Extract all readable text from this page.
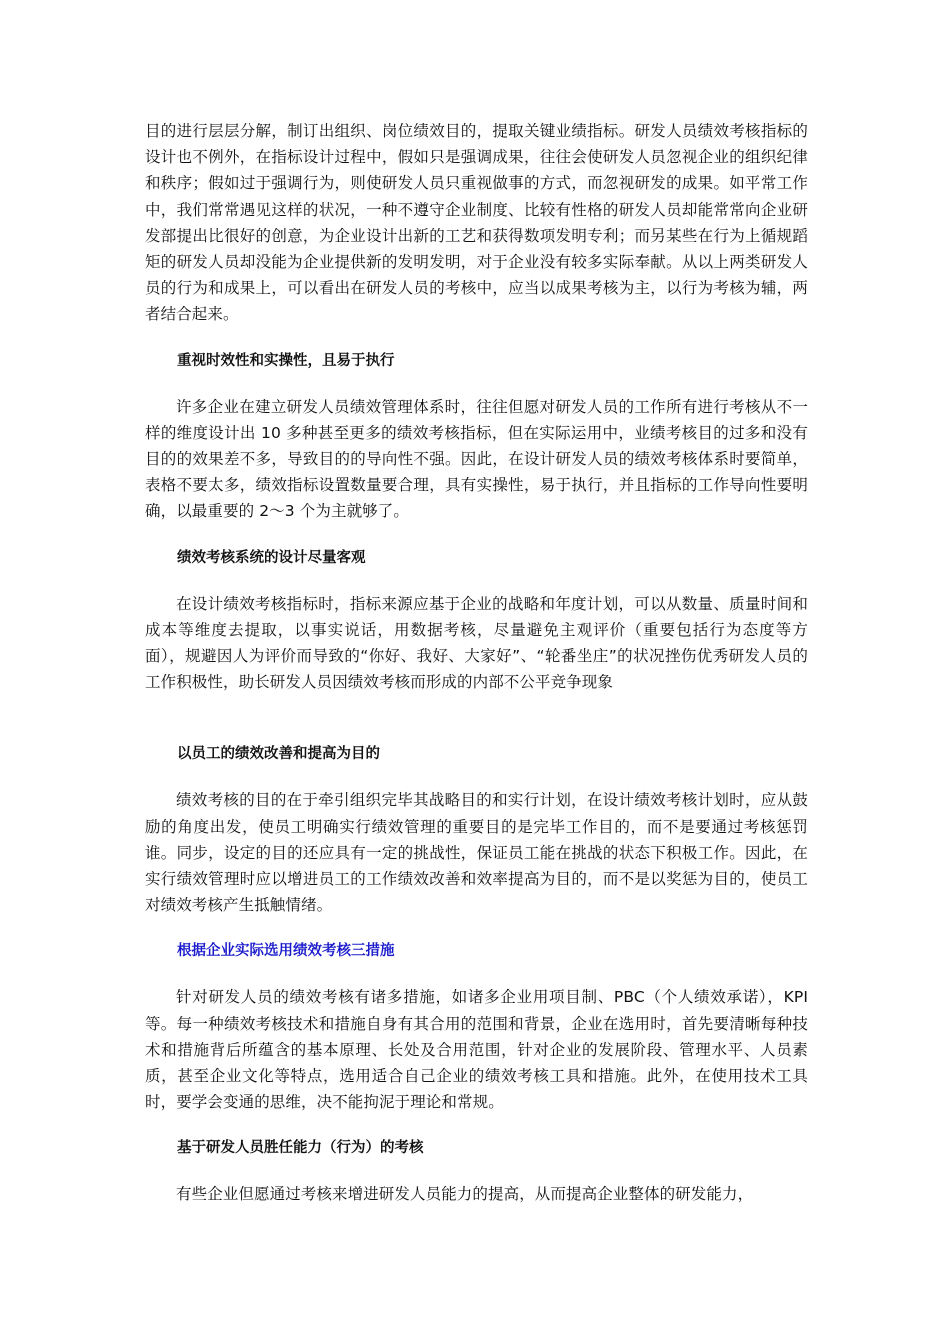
目的进行层层分解，制订出组织、岗位绩效目的，提取关键业绩指标。研发人员绩效考核指标的设计也不例外，在指标设计过程中，假如只是强调成果，往往会使研发人员忽视企业的组织纪律和秩序；假如过于强调行为，则使研发人员只重视做事的方式，而忽视研发的成果。如平常工作中，我们常常遇见这样的状况，一种不遵守企业制度、比较有性格的研发人员却能常常向企业研发部提出比很好的创意，为企业设计出新的工艺和获得数项发明专利；而另某些在行为上循规蹈矩的研发人员却没能为企业提供新的发明发明，对于企业没有较多实际奉献。从以上两类研发人员的行为和成果上，可以看出在研发人员的考核中，应当以成果考核为主，以行为考核为辅，两者结合起来。

重视时效性和实操性，且易于执行

许多企业在建立研发人员绩效管理体系时，往往但愿对研发人员的工作所有进行考核从不一样的维度设计出 10 多种甚至更多的绩效考核指标，但在实际运用中，业绩考核目的过多和没有目的的效果差不多，导致目的的导向性不强。因此，在设计研发人员的绩效考核体系时要简单，表格不要太多，绩效指标设置数量要合理，具有实操性，易于执行，并且指标的工作导向性要明确，以最重要的 2～3 个为主就够了。

绩效考核系统的设计尽量客观

在设计绩效考核指标时，指标来源应基于企业的战略和年度计划，可以从数量、质量时间和成本等维度去提取，以事实说话，用数据考核，尽量避免主观评价（重要包括行为态度等方面），规避因人为评价而导致的“你好、我好、大家好”、“轮番坐庄”的状况挫伤优秀研发人员的工作积极性，助长研发人员因绩效考核而形成的内部不公平竞争现象

以员工的绩效改善和提高为目的

绩效考核的目的在于牵引组织完毕其战略目的和实行计划，在设计绩效考核计划时，应从鼓励的角度出发，使员工明确实行绩效管理的重要目的是完毕工作目的，而不是要通过考核惩罚谁。同步，设定的目的还应具有一定的挑战性，保证员工能在挑战的状态下积极工作。因此，在实行绩效管理时应以增进员工的工作绩效改善和效率提高为目的，而不是以奖惩为目的，使员工对绩效考核产生抵触情绪。

根据企业实际选用绩效考核三措施

针对研发人员的绩效考核有诸多措施，如诸多企业用项目制、PBC（个人绩效承诺），KPI 等。每一种绩效考核技术和措施自身有其合用的范围和背景，企业在选用时，首先要清晰每种技术和措施背后所蕴含的基本原理、长处及合用范围，针对企业的发展阶段、管理水平、人员素质，甚至企业文化等特点，选用适合自己企业的绩效考核工具和措施。此外，在使用技术工具时，要学会变通的思维，决不能拘泥于理论和常规。

基于研发人员胜任能力（行为）的考核

有些企业但愿通过考核来增进研发人员能力的提高，从而提高企业整体的研发能力，
